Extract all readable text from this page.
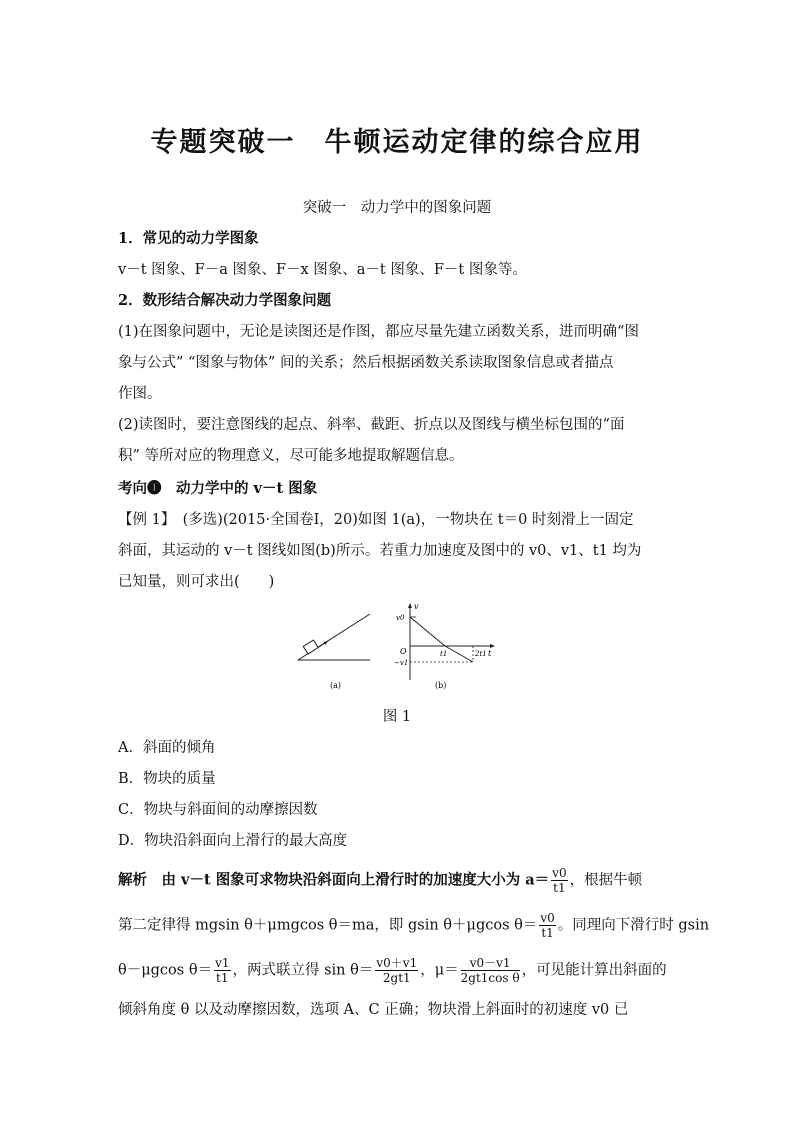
专题突破一　牛顿运动定律的综合应用
突破一　动力学中的图象问题
1．常见的动力学图象
v－t 图象、F－a 图象、F－x 图象、a－t 图象、F－t 图象等。
2．数形结合解决动力学图象问题
(1)在图象问题中，无论是读图还是作图，都应尽量先建立函数关系，进而明确“图
象与公式” “图象与物体” 间的关系；然后根据函数关系读取图象信息或者描点
作图。
(2)读图时，要注意图线的起点、斜率、截距、折点以及图线与横坐标包围的“面
积” 等所对应的物理意义，尽可能多地提取解题信息。
考向❶　动力学中的 v－t 图象
【例 1】　(多选)(2015·全国卷Ⅰ，20)如图 1(a)，一物块在 t＝0 时刻滑上一固定
斜面，其运动的 v－t 图线如图(b)所示。若重力加速度及图中的 v0、v1、t1 均为
已知量，则可求出(　　)
(a)
v
v0
O
−v1
t1	2t1 t
(b)
图 1
A．斜面的倾角
B．物块的质量
C．物块与斜面间的动摩擦因数
D．物块沿斜面向上滑行的最大高度
解析　由 v－t 图象可求物块沿斜面向上滑行时的加速度大小为 $a= \frac{v0}{t1}$ ，根据牛顿
第二定律得 mgsin θ＋μmgcos θ＝ma，即 gsin θ＋μgcos $\theta= \frac{v0}{t1}$ 。同理向下滑行时 gsin
θ－μgcos $\theta= \frac{v1}{t1}$ ，两式联立得 $\sin \theta= \frac{v0+v1}{2gt1}$ ，$\mu= \frac{v0-v1}{\text{2gt1cos θ}}$ ，可见能计算出斜面的
倾斜角度 θ 以及动摩擦因数，选项 A、C 正确；物块滑上斜面时的初速度 v0 已
